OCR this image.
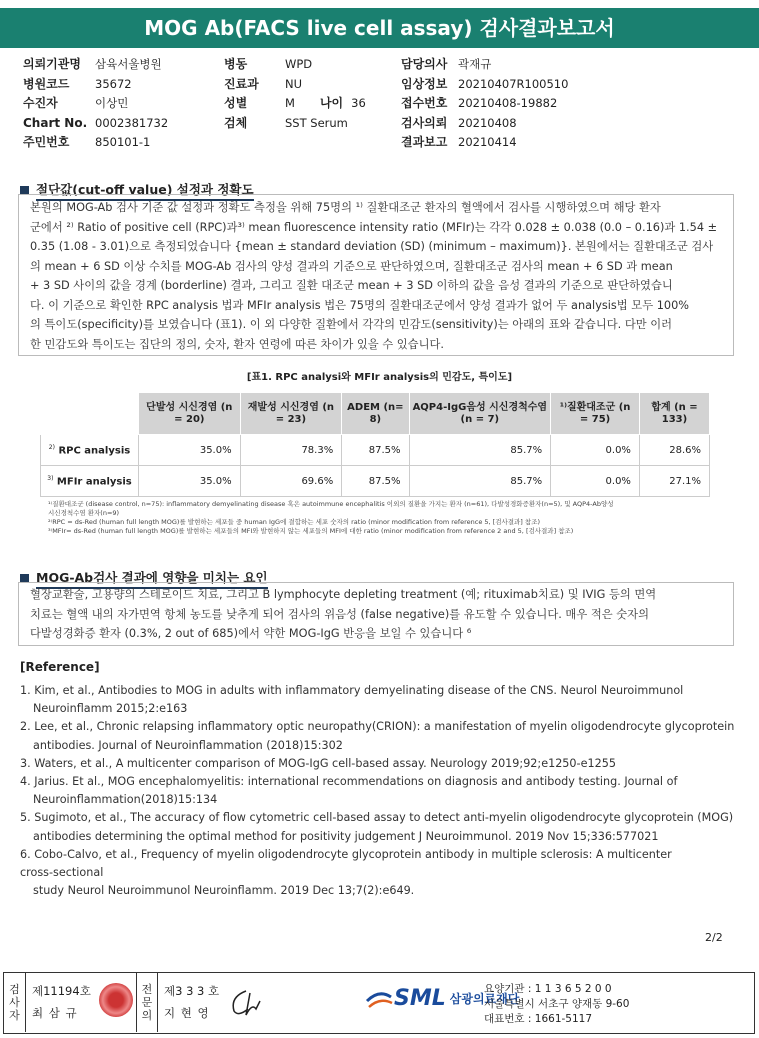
MOG Ab(FACS live cell assay) 검사결과보고서
의뢰기관명	삼육서울병원
병원코드	35672
수진자	이상민
Chart No. 0002381732
주민번호	850101-1
병동	WPD
진료과	NU
성별	M 나이 36
검체	SST Serum
담당의사 곽재규
임상정보 20210407R100510
접수번호 20210408-19882
검사의뢰 20210408
결과보고 20210414
절단값(cut-off value) 설정과 정확도
본원의 MOG-Ab 검사 기준 값 설정과 정확도 측정을 위해 75명의 ¹⁾ 질환대조군 환자의 혈액에서 검사를 시행하였으며 해당 환자
군에서 ²⁾ Ratio of positive cell (RPC)과³⁾ mean fluorescence intensity ratio (MFIr)는 각각 0.028 ± 0.038 (0.0 – 0.16)과 1.54 ±
0.35 (1.08 - 3.01)으로 측정되었습니다 {mean ± standard deviation (SD) (minimum – maximum)}. 본원에서는 질환대조군 검사
의 mean + 6 SD 이상 수치를 MOG-Ab 검사의 양성 결과의 기준으로 판단하였으며, 질환대조군 검사의 mean + 6 SD 과 mean
+ 3 SD 사이의 값을 경계 (borderline) 결과, 그리고 질환 대조군 mean + 3 SD 이하의 값을 음성 결과의 기준으로 판단하였습니
다. 이 기준으로 확인한 RPC analysis 법과 MFIr analysis 법은 75명의 질환대조군에서 양성 결과가 없어 두 analysis법 모두 100%
의 특이도(specificity)를 보였습니다 (표1). 이 외 다양한 질환에서 각각의 민감도(sensitivity)는 아래의 표와 같습니다. 다만 이러
한 민감도와 특이도는 집단의 정의, 숫자, 환자 연령에 따른 차이가 있을 수 있습니다.
[표1. RPC analysi와 MFIr analysis의 민감도, 특이도]
	단발성 시신경염 (n = 20)	재발성 시신경염 (n = 23)	ADEM (n= 8)	AQP4-IgG음성 시신경척수염 (n = 7)	¹⁾질환대조군 (n = 75)	합계 (n = 133)
$^{2)}$ RPC analysis	35.0%	78.3%	87.5%	85.7%	0.0%	28.6%
$^{3)}$ MFIr analysis	35.0%	69.6%	87.5%	85.7%	0.0%	27.1%
¹⁾질환대조군 (disease control, n=75): inflammatory demyelinating disease 혹은 autoimmune encephalitis 이외의 질환을 가지는 환자 (n=61), 다발성경화증환자(n=5), 및 AQP4-Ab양성
시신경척수염 환자(n=9)
²⁾RPC = ds-Red (human full length MOG)를 발현하는 세포들 중 human IgG에 결합하는 세포 숫자의 ratio (minor modification from reference 5, [검사결과] 참조)
³⁾MFIr= ds-Red (human full length MOG)를 발현하는 세포들의 MFI와 발현하지 않는 세포들의 MFI에 대한 ratio (minor modification from reference 2 and 5, [검사결과] 참조)
MOG-Ab검사 결과에 영향을 미치는 요인
혈장교환술, 고용량의 스테로이드 치료, 그리고 B lymphocyte depleting treatment (예; rituximab치료) 및 IVIG 등의 면역
치료는 혈액 내의 자가면역 항체 농도를 낮추게 되어 검사의 위음성 (false negative)를 유도할 수 있습니다. 매우 적은 숫자의
다발성경화증 환자 (0.3%, 2 out of 685)에서 약한 MOG-IgG 반응을 보일 수 있습니다 ⁶
[Reference]
1. Kim, et al., Antibodies to MOG in adults with inflammatory demyelinating disease of the CNS. Neurol Neuroimmunol
Neuroinflamm 2015;2:e163
2. Lee, et al., Chronic relapsing inflammatory optic neuropathy(CRION): a manifestation of myelin oligodendrocyte glycoprotein
antibodies. Journal of Neuroinflammation (2018)15:302
3. Waters, et al., A multicenter comparison of MOG-IgG cell-based assay. Neurology 2019;92;e1250-e1255
4. Jarius. Et al., MOG encephalomyelitis: international recommendations on diagnosis and antibody testing. Journal of
Neuroinflammation(2018)15:134
5. Sugimoto, et al., The accuracy of flow cytometric cell-based assay to detect anti-myelin oligodendrocyte glycoprotein (MOG)
antibodies determining the optimal method for positivity judgement J Neuroimmunol. 2019 Nov 15;336:577021
6. Cobo-Calvo, et al., Frequency of myelin oligodendrocyte glycoprotein antibody in multiple sclerosis: A multicenter
cross-sectional
study Neurol Neuroimmunol Neuroinflamm. 2019 Dec 13;7(2):e649.
2/2
검
사
자
제11194호
최 삼 규
전
문
의
제3 3 3 호
지 현 영
SML 삼광의료재단
요양기관 : 1 1 3 6 5 2 0 0
서울특별시 서초구 양재동 9-60
대표번호 : 1661-5117
